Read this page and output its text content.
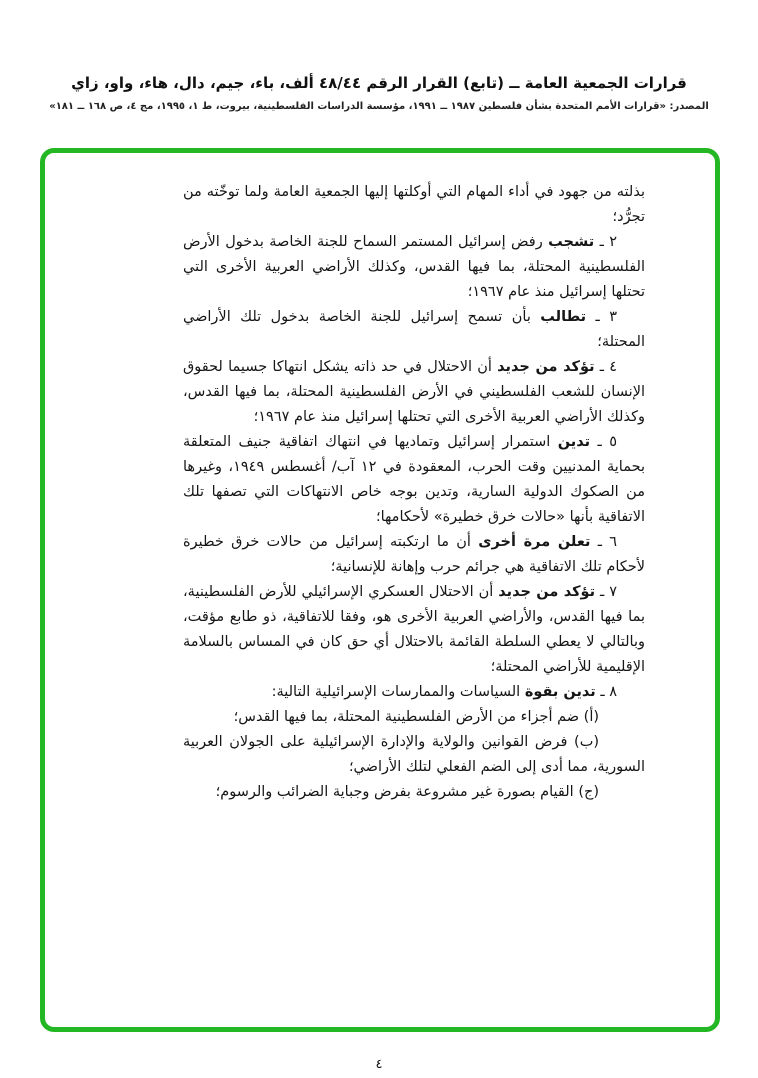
قرارات الجمعية العامة ــ (تابع) القرار الرقم ٤٨/٤٤ ألف، باء، جيم، دال، هاء، واو، زاي
المصدر: «قرارات الأمم المتحدة بشأن فلسطين ١٩٨٧ ــ ١٩٩١، مؤسسة الدراسات الفلسطينية، بيروت، ط ١، ١٩٩٥، مج ٤، ص ١٦٨ ــ ١٨١»

بذلته من جهود في أداء المهام التي أوكلتها إليها الجمعية العامة ولما توخّته من تجرُّد؛

٢ ـ تشجب رفض إسرائيل المستمر السماح للجنة الخاصة بدخول الأرض الفلسطينية المحتلة، بما فيها القدس، وكذلك الأراضي العربية الأخرى التي تحتلها إسرائيل منذ عام ١٩٦٧؛

٣ ـ تطالب بأن تسمح إسرائيل للجنة الخاصة بدخول تلك الأراضي المحتلة؛

٤ ـ تؤكد من جديد أن الاحتلال في حد ذاته يشكل انتهاكا جسيما لحقوق الإنسان للشعب الفلسطيني في الأرض الفلسطينية المحتلة، بما فيها القدس، وكذلك الأراضي العربية الأخرى التي تحتلها إسرائيل منذ عام ١٩٦٧؛

٥ ـ تدين استمرار إسرائيل وتماديها في انتهاك اتفاقية جنيف المتعلقة بحماية المدنيين وقت الحرب، المعقودة في ١٢ آب/ أغسطس ١٩٤٩، وغيرها من الصكوك الدولية السارية، وتدين بوجه خاص الانتهاكات التي تصفها تلك الاتفاقية بأنها «حالات خرق خطيرة» لأحكامها؛

٦ ـ تعلن مرة أخرى أن ما ارتكبته إسرائيل من حالات خرق خطيرة لأحكام تلك الاتفاقية هي جرائم حرب وإهانة للإنسانية؛

٧ ـ تؤكد من جديد أن الاحتلال العسكري الإسرائيلي للأرض الفلسطينية، بما فيها القدس، والأراضي العربية الأخرى هو، وفقا للاتفاقية، ذو طابع مؤقت، وبالتالي لا يعطي السلطة القائمة بالاحتلال أي حق كان في المساس بالسلامة الإقليمية للأراضي المحتلة؛

٨ ـ تدين بقوة السياسات والممارسات الإسرائيلية التالية:

(أ) ضم أجزاء من الأرض الفلسطينية المحتلة، بما فيها القدس؛

(ب) فرض القوانين والولاية والإدارة الإسرائيلية على الجولان العربية السورية، مما أدى إلى الضم الفعلي لتلك الأراضي؛

(ج) القيام بصورة غير مشروعة بفرض وجباية الضرائب والرسوم؛

٤
